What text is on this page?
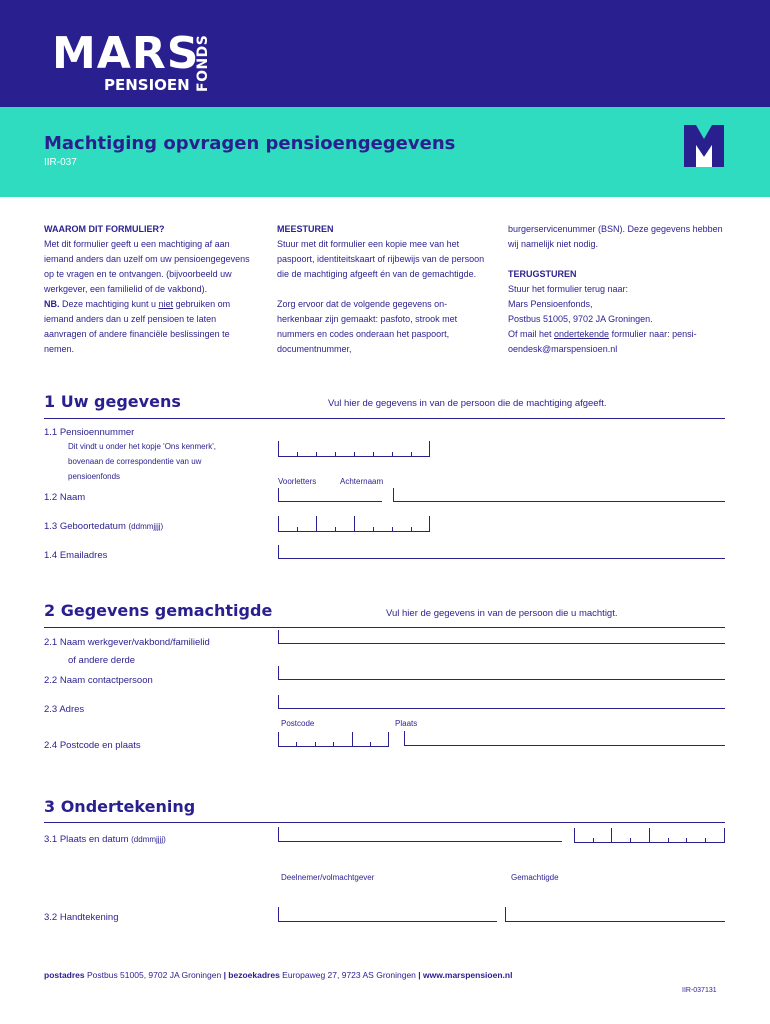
MARS
PENSIOEN FONDS
Machtiging opvragen pensioengegevens
IIR-037

WAAROM DIT FORMULIER?

Met dit formulier geeft u een machtiging af aan iemand anders dan uzelf om uw pensioengegevens op te vragen en te ontvangen. (bijvoorbeeld uw werkgever, een familielid of de vakbond).

NB. Deze machtiging kunt u niet gebruiken om iemand anders dan u zelf pensioen te laten aanvragen of andere financiële beslissingen te nemen.

MEESTUREN

Stuur met dit formulier een kopie mee van het paspoort, identiteitskaart of rijbewijs van de persoon die de machtiging afgeeft én van de gemachtigde.

Zorg ervoor dat de volgende gegevens onherkenbaar zijn gemaakt: pasfoto, strook met nummers en codes onderaan het paspoort, documentnummer,

burgerservicenummer (BSN). Deze gegevens hebben wij namelijk niet nodig.

TERUGSTUREN

Stuur het formulier terug naar:

Mars Pensioenfonds,

Postbus 51005, 9702 JA Groningen.

Of mail het ondertekende formulier naar: pensioendesk@marspensioen.nl

1 Uw gegevens	Vul hier de gegevens in van de persoon die de machtiging afgeeft.
1.1 Pensioennummer
Dit vindt u onder het kopje 'Ons kenmerk',
bovenaan de correspondentie van uw
pensioenfonds
Voorletters	Achternaam
1.2 Naam
1.3 Geboortedatum (ddmmjjjj)
1.4 Emailadres
2 Gegevens gemachtigde	Vul hier de gegevens in van de persoon die u machtigt.
2.1 Naam werkgever/vakbond/familielid
of andere derde
2.2 Naam contactpersoon
2.3 Adres
Postcode	Plaats
2.4 Postcode en plaats
3 Ondertekening
3.1 Plaats en datum (ddmmjjjj)
Deelnemer/volmachtgever	Gemachtigde
3.2 Handtekening
postadres Postbus 51005, 9702 JA Groningen | bezoekadres Europaweg 27, 9723 AS Groningen | www.marspensioen.nl
IIR-037131
